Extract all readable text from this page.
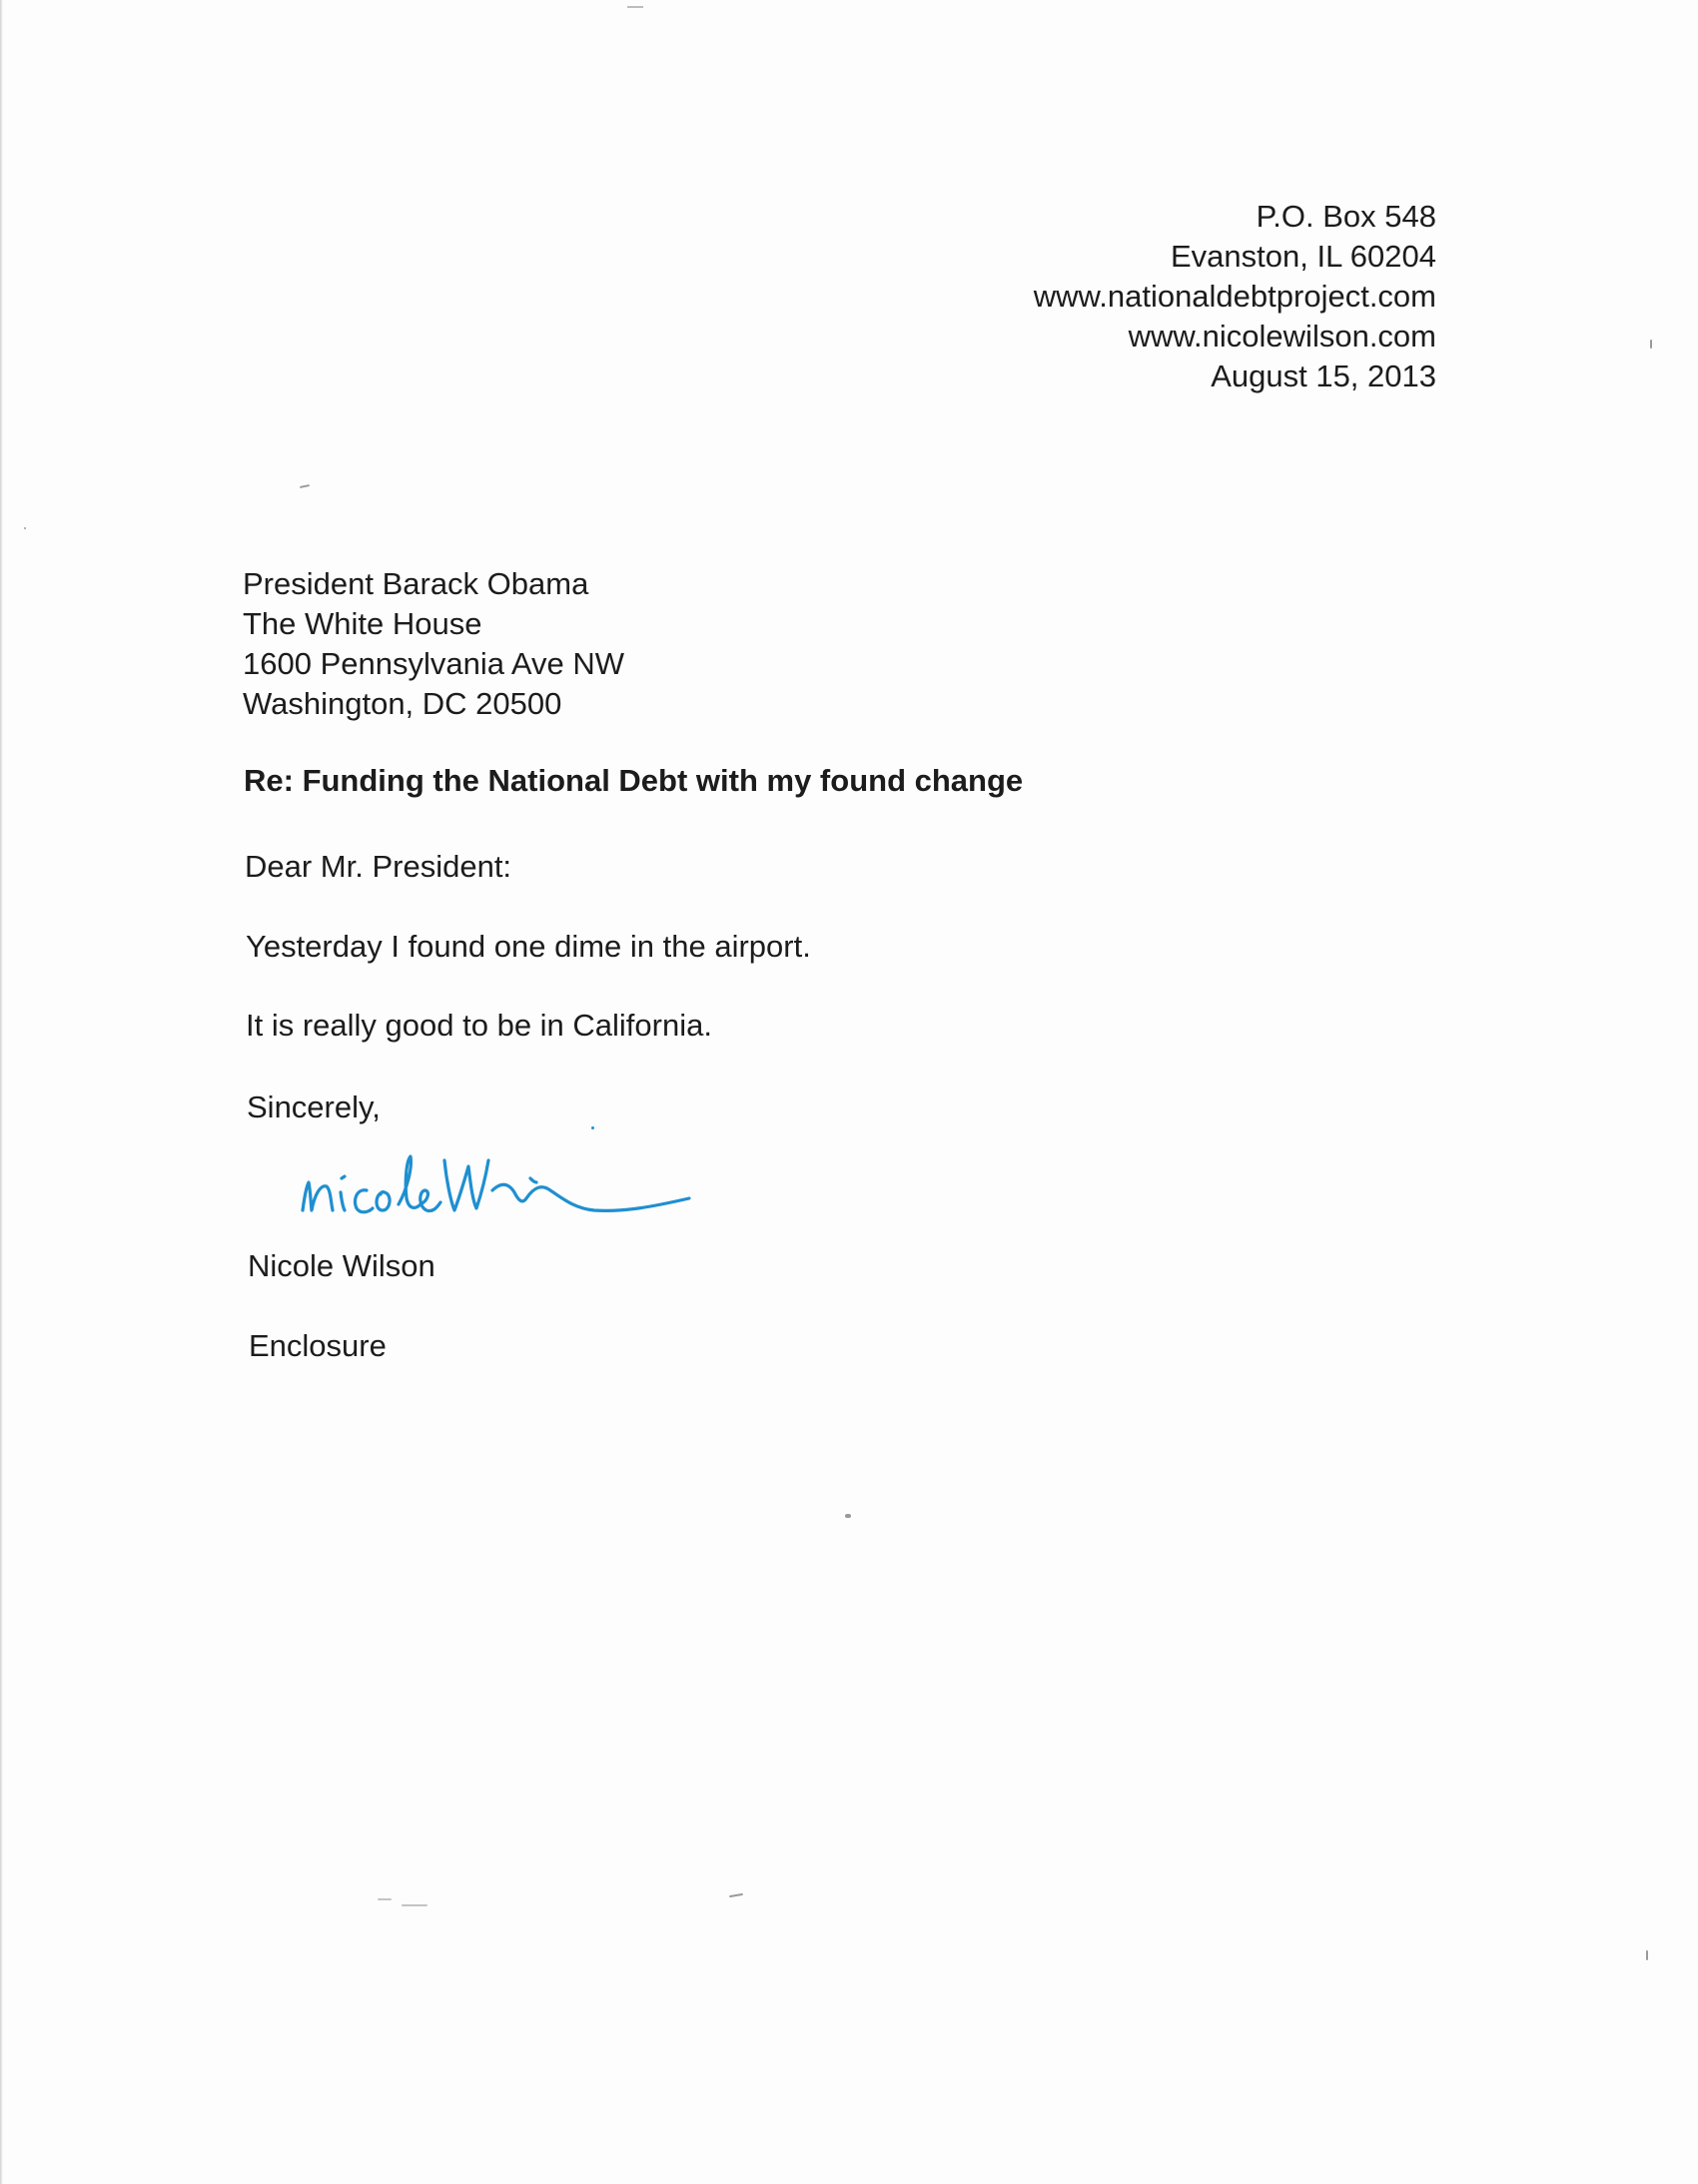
P.O. Box 548
Evanston, IL 60204
www.nationaldebtproject.com
www.nicolewilson.com
August 15, 2013
President Barack Obama
The White House
1600 Pennsylvania Ave NW
Washington, DC 20500
Re: Funding the National Debt with my found change
Dear Mr. President:
Yesterday I found one dime in the airport.
It is really good to be in California.
Sincerely,
Nicole Wilson
Enclosure
